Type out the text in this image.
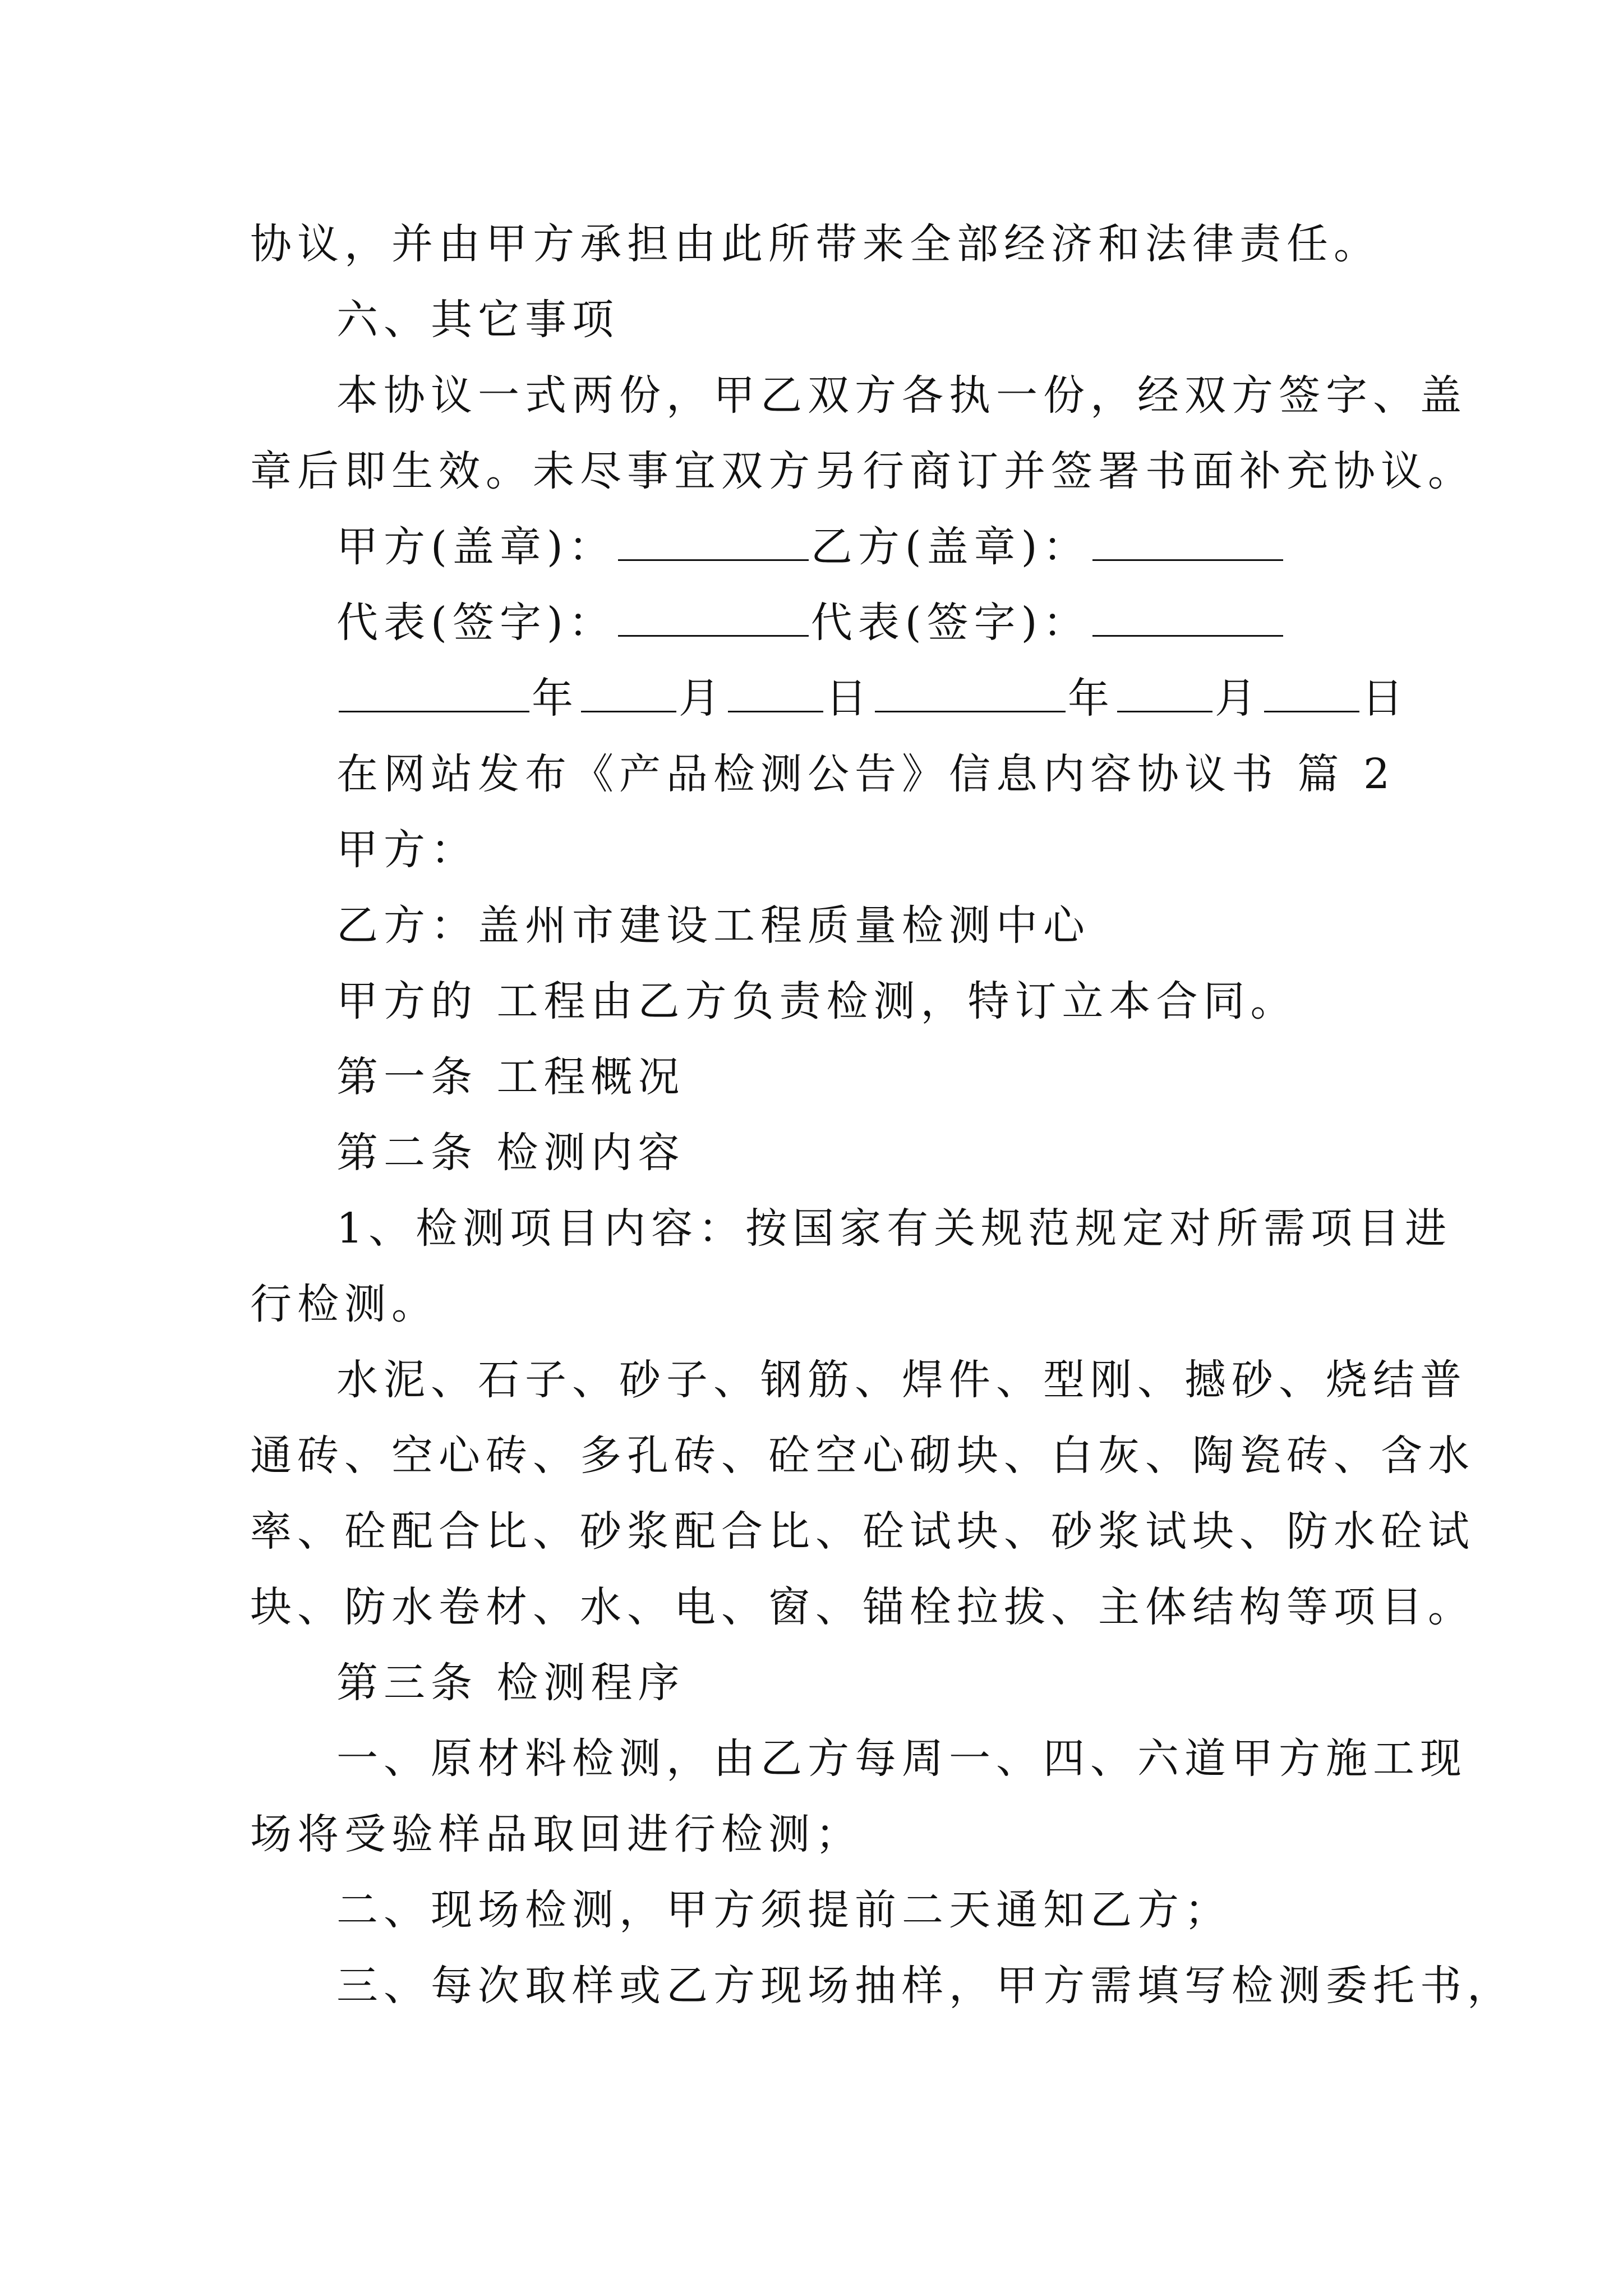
协议，并由甲方承担由此所带来全部经济和法律责任。
六、其它事项
本协议一式两份，甲乙双方各执一份，经双方签字、盖
章后即生效。未尽事宜双方另行商订并签署书面补充协议。
甲方(盖章)：	乙方(盖章)：
代表(签字)：	代表(签字)：
年 月 日	年 月 日
在网站发布《产品检测公告》信息内容协议书 篇 2
甲方：
乙方：盖州市建设工程质量检测中心
甲方的 工程由乙方负责检测，特订立本合同。
第一条 工程概况
第二条 检测内容
1、检测项目内容：按国家有关规范规定对所需项目进
行检测。
水泥、石子、砂子、钢筋、焊件、型刚、撼砂、烧结普
通砖、空心砖、多孔砖、砼空心砌块、白灰、陶瓷砖、含水
率、砼配合比、砂浆配合比、砼试块、砂浆试块、防水砼试
块、防水卷材、水、电、窗、锚栓拉拔、主体结构等项目。
第三条 检测程序
一、原材料检测，由乙方每周一、四、六道甲方施工现
场将受验样品取回进行检测；
二、现场检测，甲方须提前二天通知乙方；
三、每次取样或乙方现场抽样，甲方需填写检测委托书，
